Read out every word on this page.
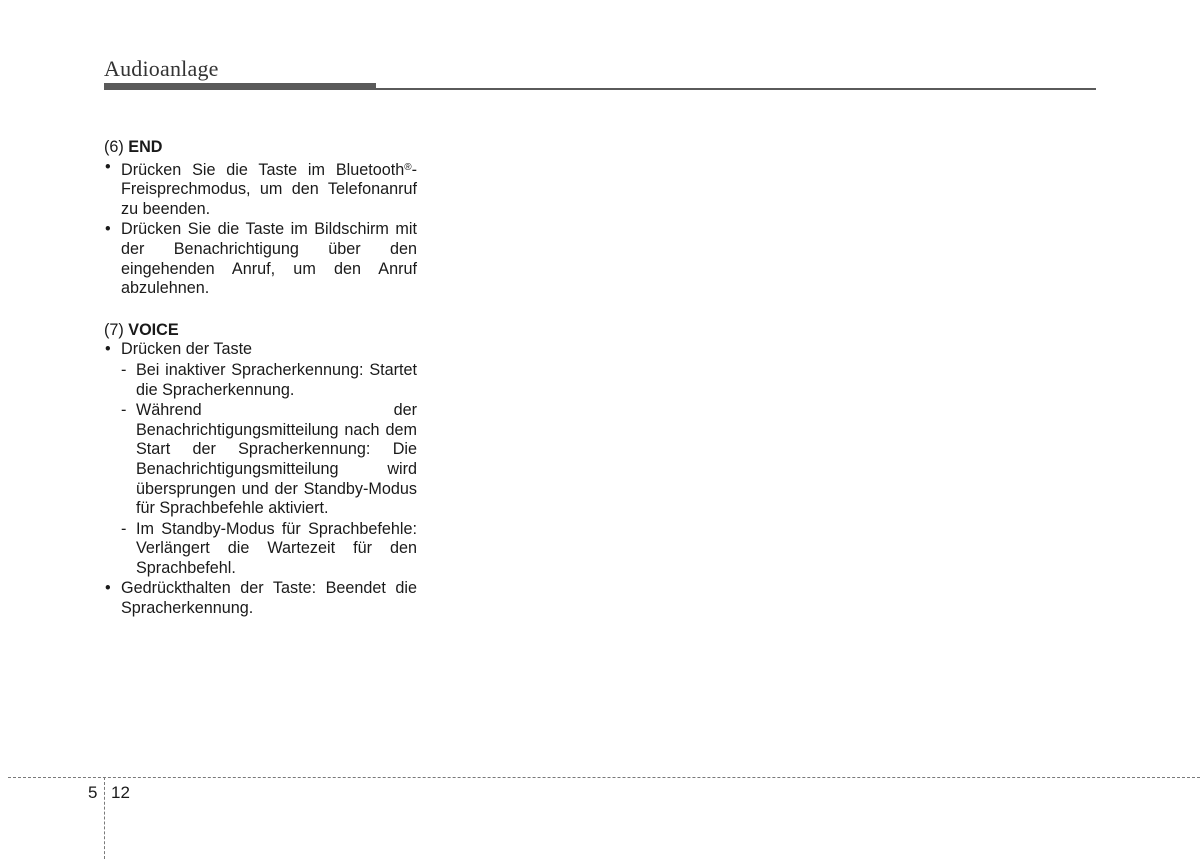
Audioanlage

(6) END

• Drücken Sie die Taste im Bluetooth®-Freisprechmodus, um den Telefonanruf zu beenden.

• Drücken Sie die Taste im Bildschirm mit der Benachrichtigung über den eingehenden Anruf, um den Anruf abzulehnen.

(7) VOICE

• Drücken der Taste

- Bei inaktiver Spracherkennung: Startet die Spracherkennung.

- Während der Benachrichtigungsmitteilung nach dem Start der Spracherkennung: Die Benachrichtigungsmitteilung wird übersprungen und der Standby-Modus für Sprachbefehle aktiviert.

- Im Standby-Modus für Sprachbefehle: Verlängert die Wartezeit für den Sprachbefehl.

• Gedrückthalten der Taste: Beendet die Spracherkennung.

5 12
